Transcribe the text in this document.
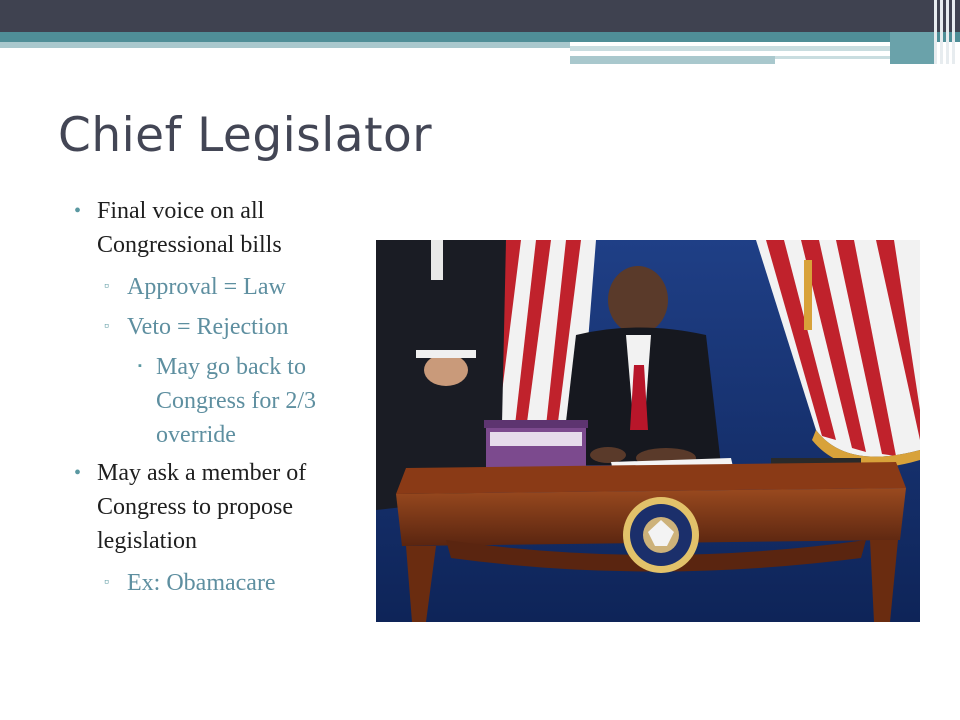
Chief Legislator
• Final voice on all Congressional bills
▫ Approval = Law
▫ Veto = Rejection
▪ May go back to Congress for 2/3 override
• May ask a member of Congress to propose legislation
▫ Ex: Obamacare
